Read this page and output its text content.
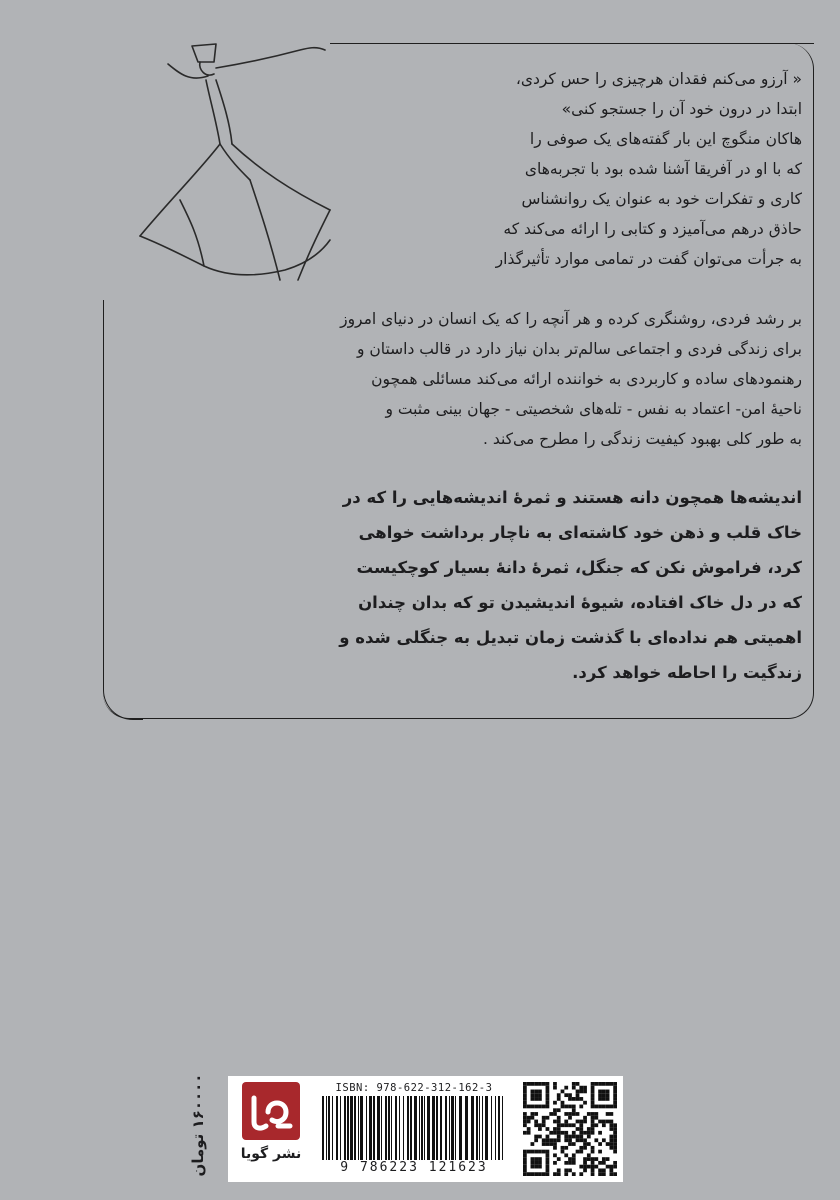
« آرزو می‌کنم فقدان هرچیزی را حس کردی،
ابتدا در درون خود آن را جستجو کنی»
هاکان منگوچ این بار گفته‌های یک صوفی را
که با او در آفریقا آشنا شده بود با تجربه‌های
کاری و تفکرات خود به عنوان یک روانشناس
حاذق درهم می‌آمیزد و کتابی را ارائه می‌کند که
به جرأت می‌توان گفت در تمامی موارد تأثیرگذار
بر رشد فردی، روشنگری کرده و هر آنچه را که یک انسان در دنیای امروز
برای زندگی فردی و اجتماعی سالم‌تر بدان نیاز دارد در قالب داستان و
رهنمودهای ساده و کاربردی به خواننده ارائه می‌کند مسائلی همچون
ناحیهٔ امن- اعتماد به نفس - تله‌های شخصیتی - جهان بینی مثبت و
به طور کلی بهبود کیفیت زندگی را مطرح می‌کند .
اندیشه‌ها همچون دانه هستند و ثمرهٔ اندیشه‌هایی را که در
خاک قلب و ذهن خود کاشته‌ای به ناچار برداشت خواهی
کرد، فراموش نکن که جنگل، ثمرهٔ دانهٔ بسیار کوچکیست
که در دل خاک افتاده، شیوهٔ اندیشیدن تو که بدان چندان
اهمیتی هم نداده‌ای با گذشت زمان تبدیل به جنگلی شده و
زندگیت را احاطه خواهد کرد.
۱۶۰۰۰۰ تومان
نشر گویا
ISBN: 978-622-312-162-3
9 786223 121623
